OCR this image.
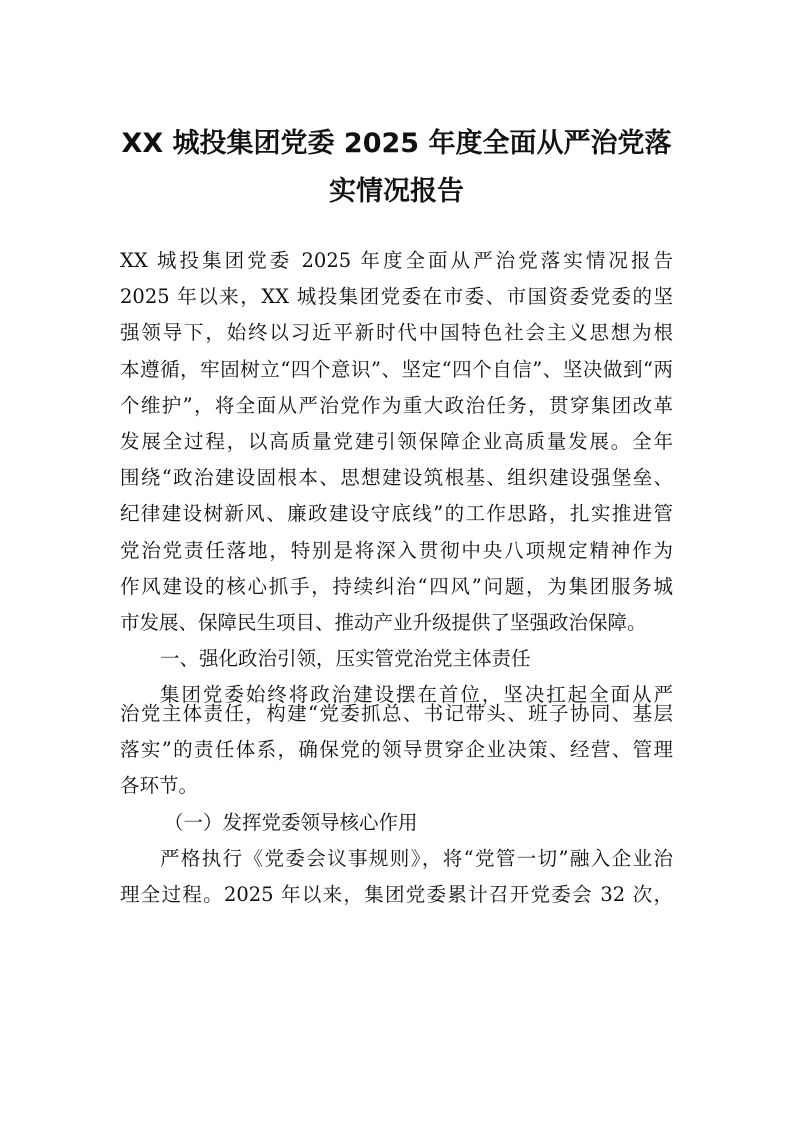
XX 城投集团党委 2025 年度全面从严治党落
实情况报告
XX 城投集团党委 2025 年度全面从严治党落实情况报告
2025 年以来，XX 城投集团党委在市委、市国资委党委的坚
强领导下，始终以习近平新时代中国特色社会主义思想为根
本遵循，牢固树立“四个意识”、坚定“四个自信”、坚决做到“两
个维护”，将全面从严治党作为重大政治任务，贯穿集团改革
发展全过程，以高质量党建引领保障企业高质量发展。全年
围绕“政治建设固根本、思想建设筑根基、组织建设强堡垒、
纪律建设树新风、廉政建设守底线”的工作思路，扎实推进管
党治党责任落地，特别是将深入贯彻中央八项规定精神作为
作风建设的核心抓手，持续纠治“四风”问题，为集团服务城
市发展、保障民生项目、推动产业升级提供了坚强政治保障。
一、强化政治引领，压实管党治党主体责任
集团党委始终将政治建设摆在首位，坚决扛起全面从严
治党主体责任，构建“党委抓总、书记带头、班子协同、基层
落实”的责任体系，确保党的领导贯穿企业决策、经营、管理
各环节。
（一）发挥党委领导核心作用
严格执行《党委会议事规则》，将“党管一切”融入企业治
理全过程。2025 年以来，集团党委累计召开党委会 32 次，
